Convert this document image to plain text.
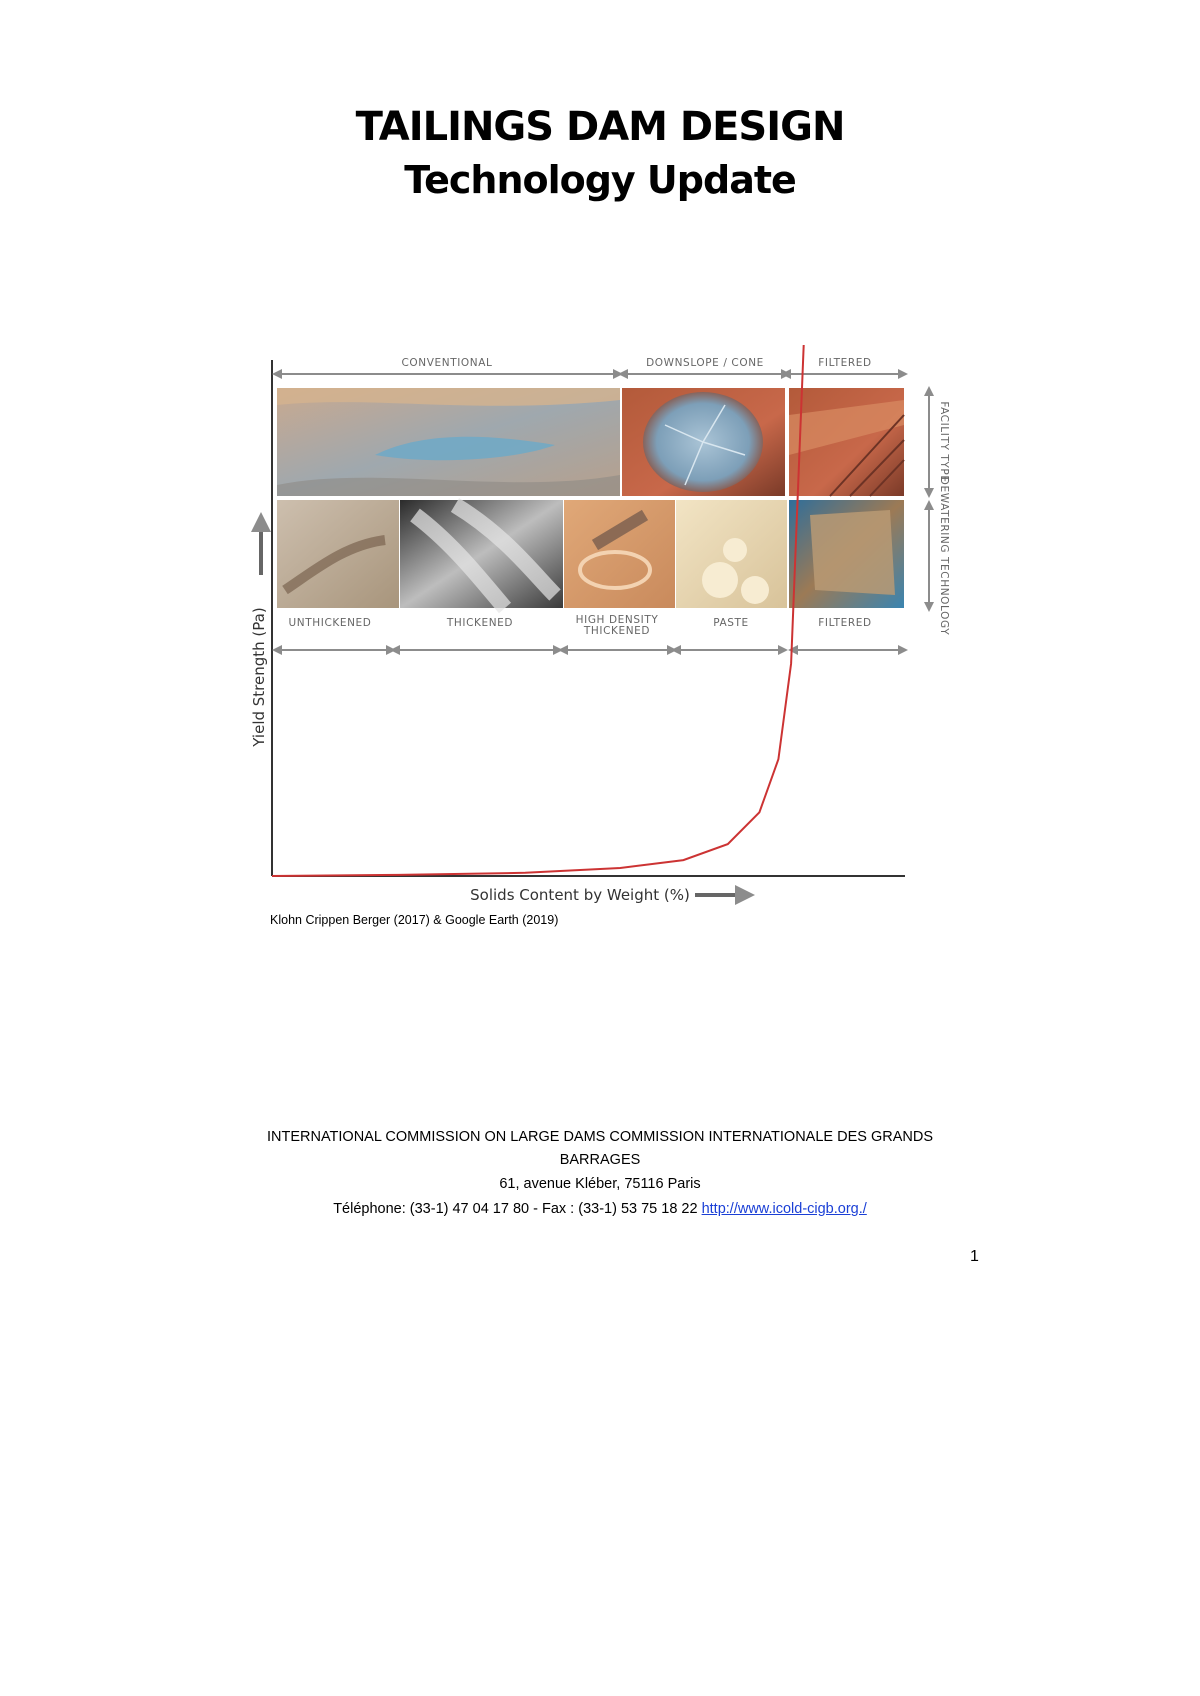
TAILINGS DAM DESIGN
Technology Update
CONVENTIONAL	DOWNSLOPE / CONE	FILTERED
FACILITY TYPE
DEWATERING TECHNOLOGY
UNTHICKENED	THICKENED	HIGH DENSITY THICKENED
PASTE	FILTERED
Yield Strength (Pa)
Solids Content by Weight (%)
Klohn Crippen Berger (2017) & Google Earth (2019)
INTERNATIONAL COMMISSION ON LARGE DAMS COMMISSION INTERNATIONALE DES GRANDS
BARRAGES
61, avenue Kléber, 75116 Paris
Téléphone: (33-1) 47 04 17 80 - Fax : (33-1) 53 75 18 22 http://www.icold-cigb.org./
1
